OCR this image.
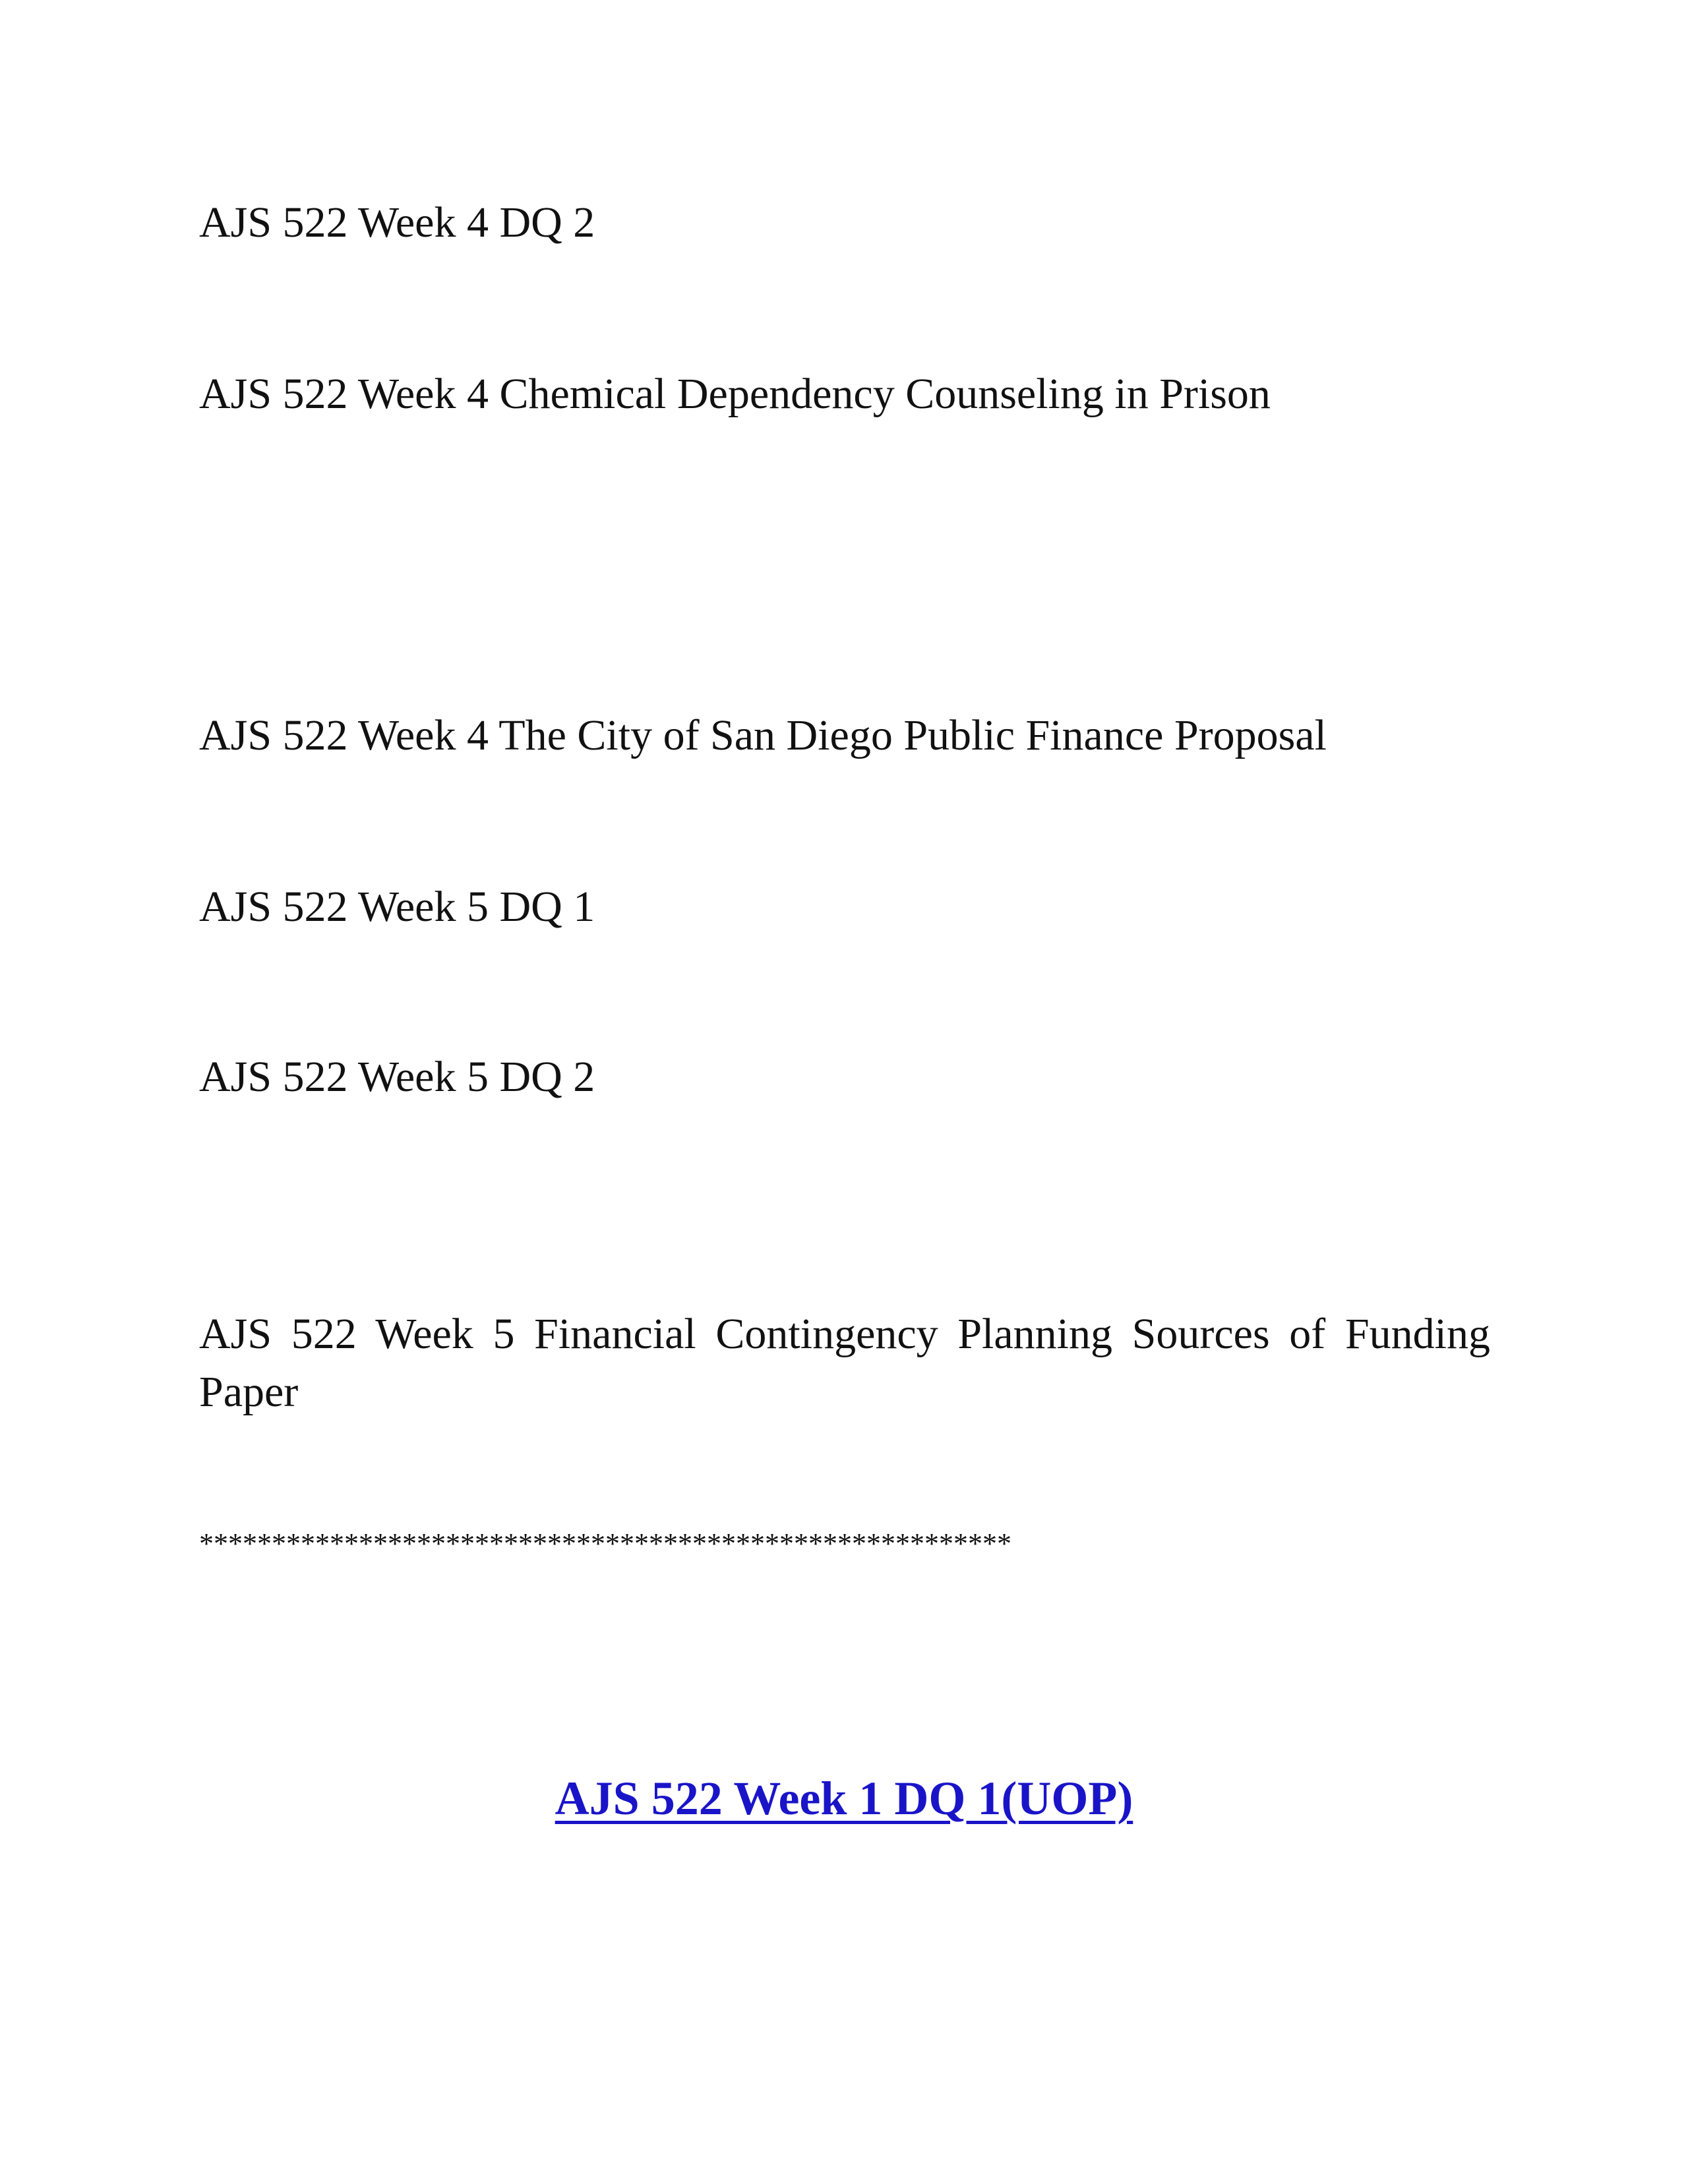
AJS 522 Week 4 DQ 2
AJS 522 Week 4 Chemical Dependency Counseling in Prison
AJS 522 Week 4 The City of San Diego Public Finance Proposal
AJS 522 Week 5 DQ 1
AJS 522 Week 5 DQ 2
AJS 522 Week 5 Financial Contingency Planning Sources of Funding
Paper
********************************************************
AJS 522 Week 1 DQ 1(UOP)
